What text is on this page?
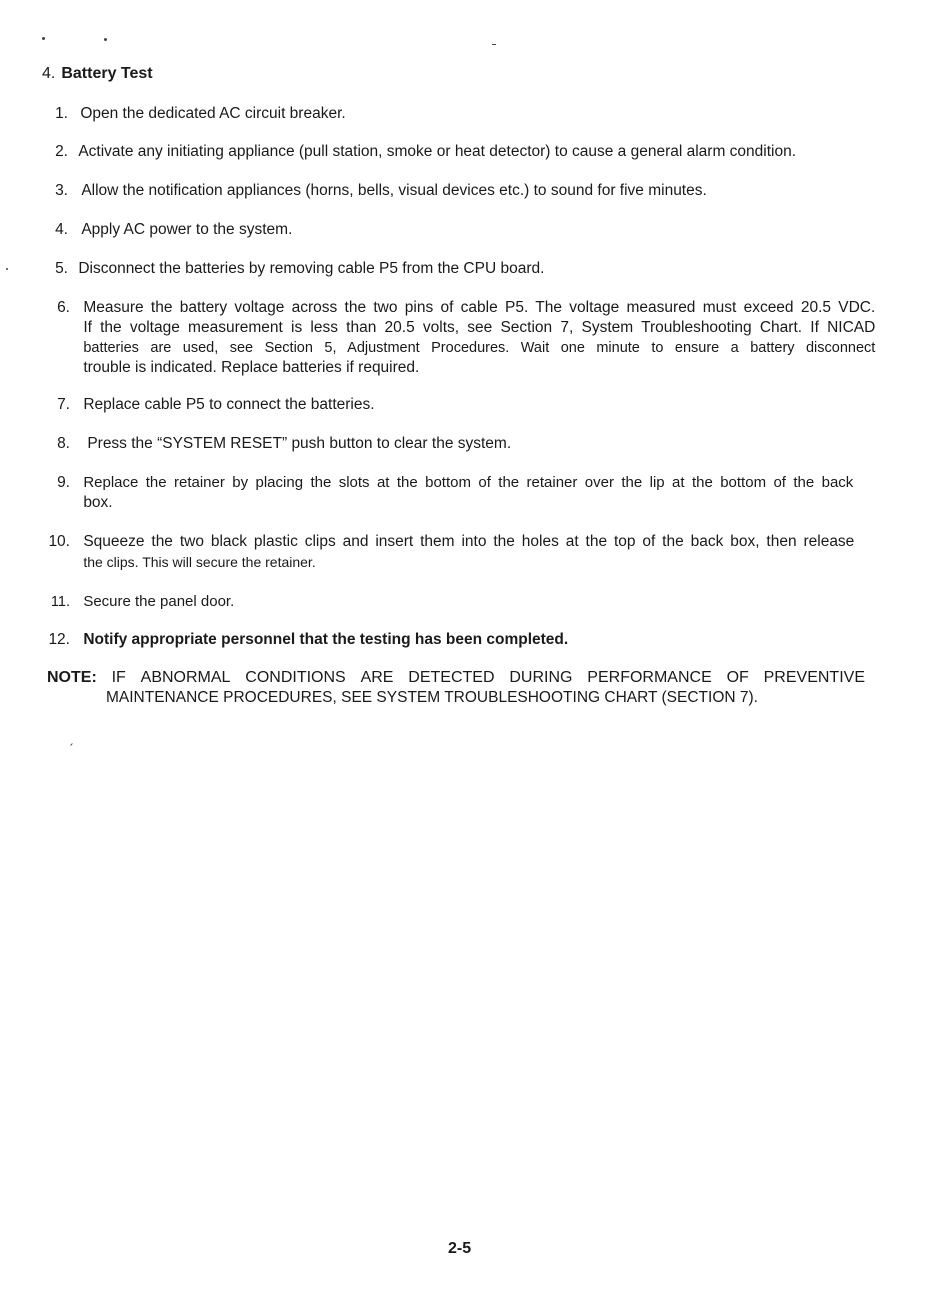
4. Battery Test
1. Open the dedicated AC circuit breaker.
2. Activate any initiating appliance (pull station, smoke or heat detector) to cause a general alarm condition.
3. Allow the notification appliances (horns, bells, visual devices etc.) to sound for five minutes.
4. Apply AC power to the system.
5. Disconnect the batteries by removing cable P5 from the CPU board.
6. Measure the battery voltage across the two pins of cable P5. The voltage measured must exceed 20.5 VDC.
If the voltage measurement is less than 20.5 volts, see Section 7, System Troubleshooting Chart. If NICAD
batteries are used, see Section 5, Adjustment Procedures. Wait one minute to ensure a battery disconnect
trouble is indicated. Replace batteries if required.
7. Replace cable P5 to connect the batteries.
8. Press the “SYSTEM RESET” push button to clear the system.
9. Replace the retainer by placing the slots at the bottom of the retainer over the lip at the bottom of the back
box.
10. Squeeze the two black plastic clips and insert them into the holes at the top of the back box, then release
the clips. This will secure the retainer.
11. Secure the panel door.
12. Notify appropriate personnel that the testing has been completed.
NOTE: IF ABNORMAL CONDITIONS ARE DETECTED DURING PERFORMANCE OF PREVENTIVE
MAINTENANCE PROCEDURES, SEE SYSTEM TROUBLESHOOTING CHART (SECTION 7).
2-5
